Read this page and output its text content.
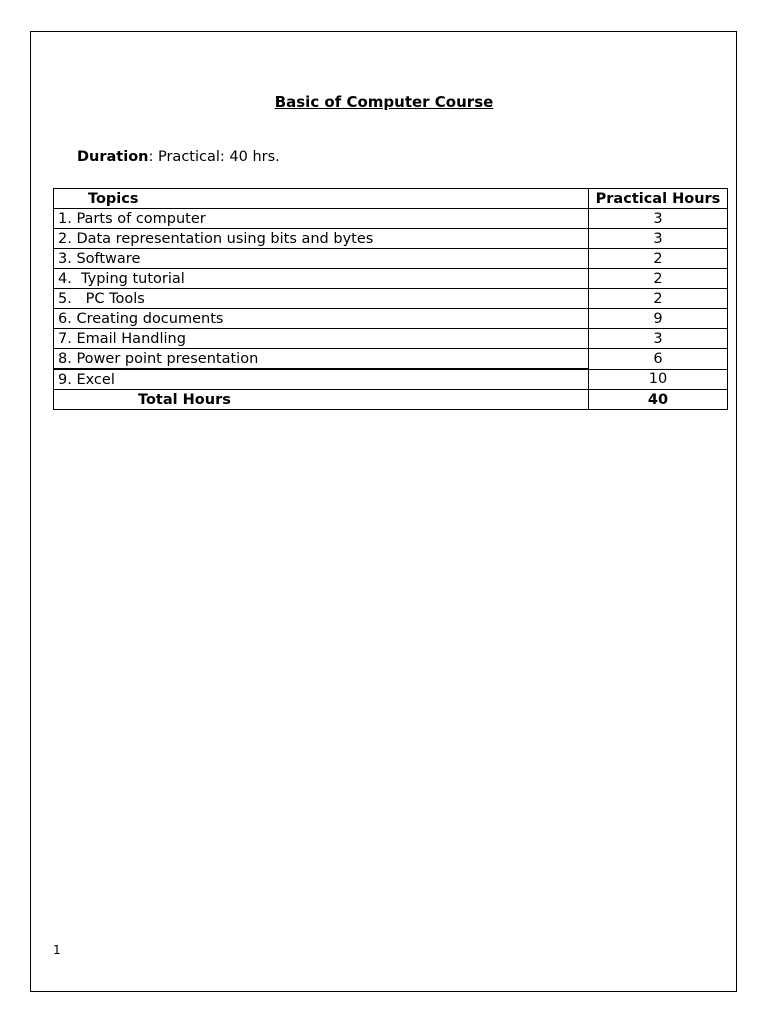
Basic of Computer Course

Duration: Practical: 40 hrs.

Topics	Practical Hours
1. Parts of computer	3
2. Data representation using bits and bytes	3
3. Software	2
4.  Typing tutorial	2
5.   PC Tools	2
6. Creating documents	9
7. Email Handling	3
8. Power point presentation	6
9. Excel	10
Total Hours	40

1
